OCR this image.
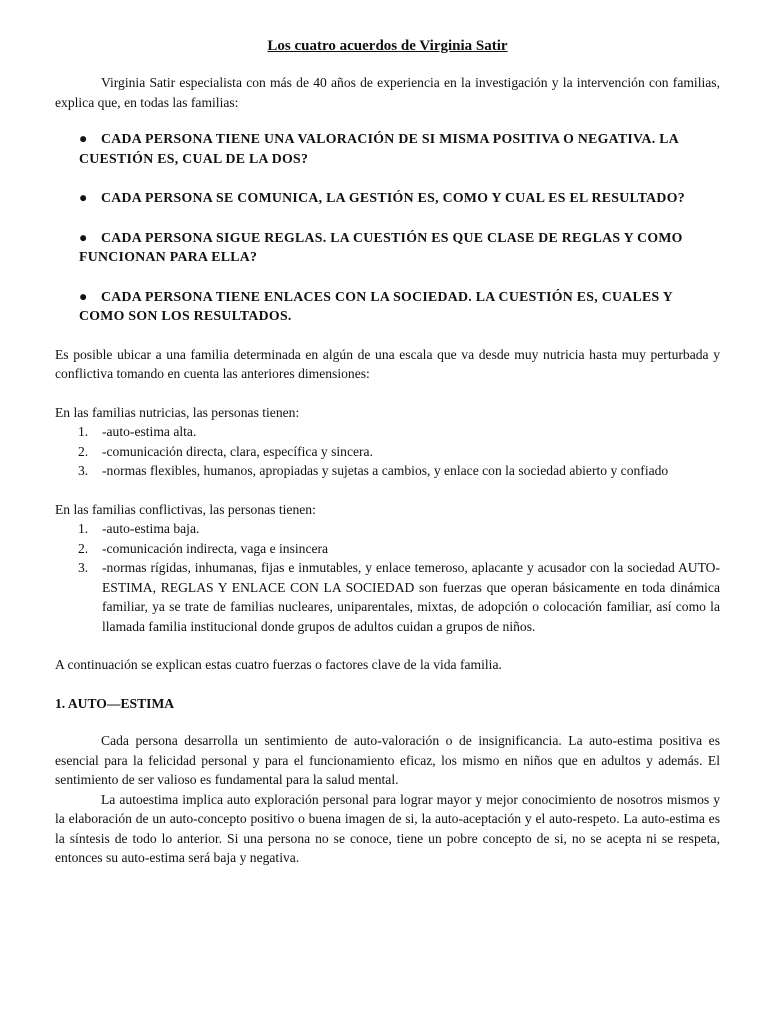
Los cuatro acuerdos de Virginia Satir

Virginia Satir especialista con más de 40 años de experiencia en la investigación y la intervención con familias, explica que, en todas las familias:

● CADA PERSONA TIENE UNA VALORACIÓN DE SI MISMA POSITIVA O NEGATIVA. LA CUESTIÓN ES, CUAL DE LA DOS?
● CADA PERSONA SE COMUNICA, LA GESTIÓN ES, COMO Y CUAL ES EL RESULTADO?
● CADA PERSONA SIGUE REGLAS. LA CUESTIÓN ES QUE CLASE DE REGLAS Y COMO FUNCIONAN PARA ELLA?
● CADA PERSONA TIENE ENLACES CON LA SOCIEDAD. LA CUESTIÓN ES, CUALES Y COMO SON LOS RESULTADOS.

Es posible ubicar a una familia determinada en algún de una escala que va desde muy nutricia hasta muy perturbada y conflictiva tomando en cuenta las anteriores dimensiones:

En las familias nutricias, las personas tienen:

1. -auto-estima alta.
2. -comunicación directa, clara, específica y sincera.
3. -normas flexibles, humanos, apropiadas y sujetas a cambios, y enlace con la sociedad abierto y confiado

En las familias conflictivas, las personas tienen:

1. -auto-estima baja.
2. -comunicación indirecta, vaga e insincera
3. -normas rígidas, inhumanas, fijas e inmutables, y enlace temeroso, aplacante y acusador con la sociedad AUTO-ESTIMA, REGLAS Y ENLACE CON LA SOCIEDAD son fuerzas que operan básicamente en toda dinámica familiar, ya se trate de familias nucleares, uniparentales, mixtas, de adopción o colocación familiar, así como la llamada familia institucional donde grupos de adultos cuidan a grupos de niños.

A continuación se explican estas cuatro fuerzas o factores clave de la vida familia.

1. AUTO—ESTIMA

Cada persona desarrolla un sentimiento de auto-valoración o de insignificancia. La auto-estima positiva es esencial para la felicidad personal y para el funcionamiento eficaz, los mismo en niños que en adultos y además. El sentimiento de ser valioso es fundamental para la salud mental.

La autoestima implica auto exploración personal para lograr mayor y mejor conocimiento de nosotros mismos y la elaboración de un auto-concepto positivo o buena imagen de si, la auto-aceptación y el auto-respeto. La auto-estima es la síntesis de todo lo anterior. Si una persona no se conoce, tiene un pobre concepto de si, no se acepta ni se respeta, entonces su auto-estima será baja y negativa.
